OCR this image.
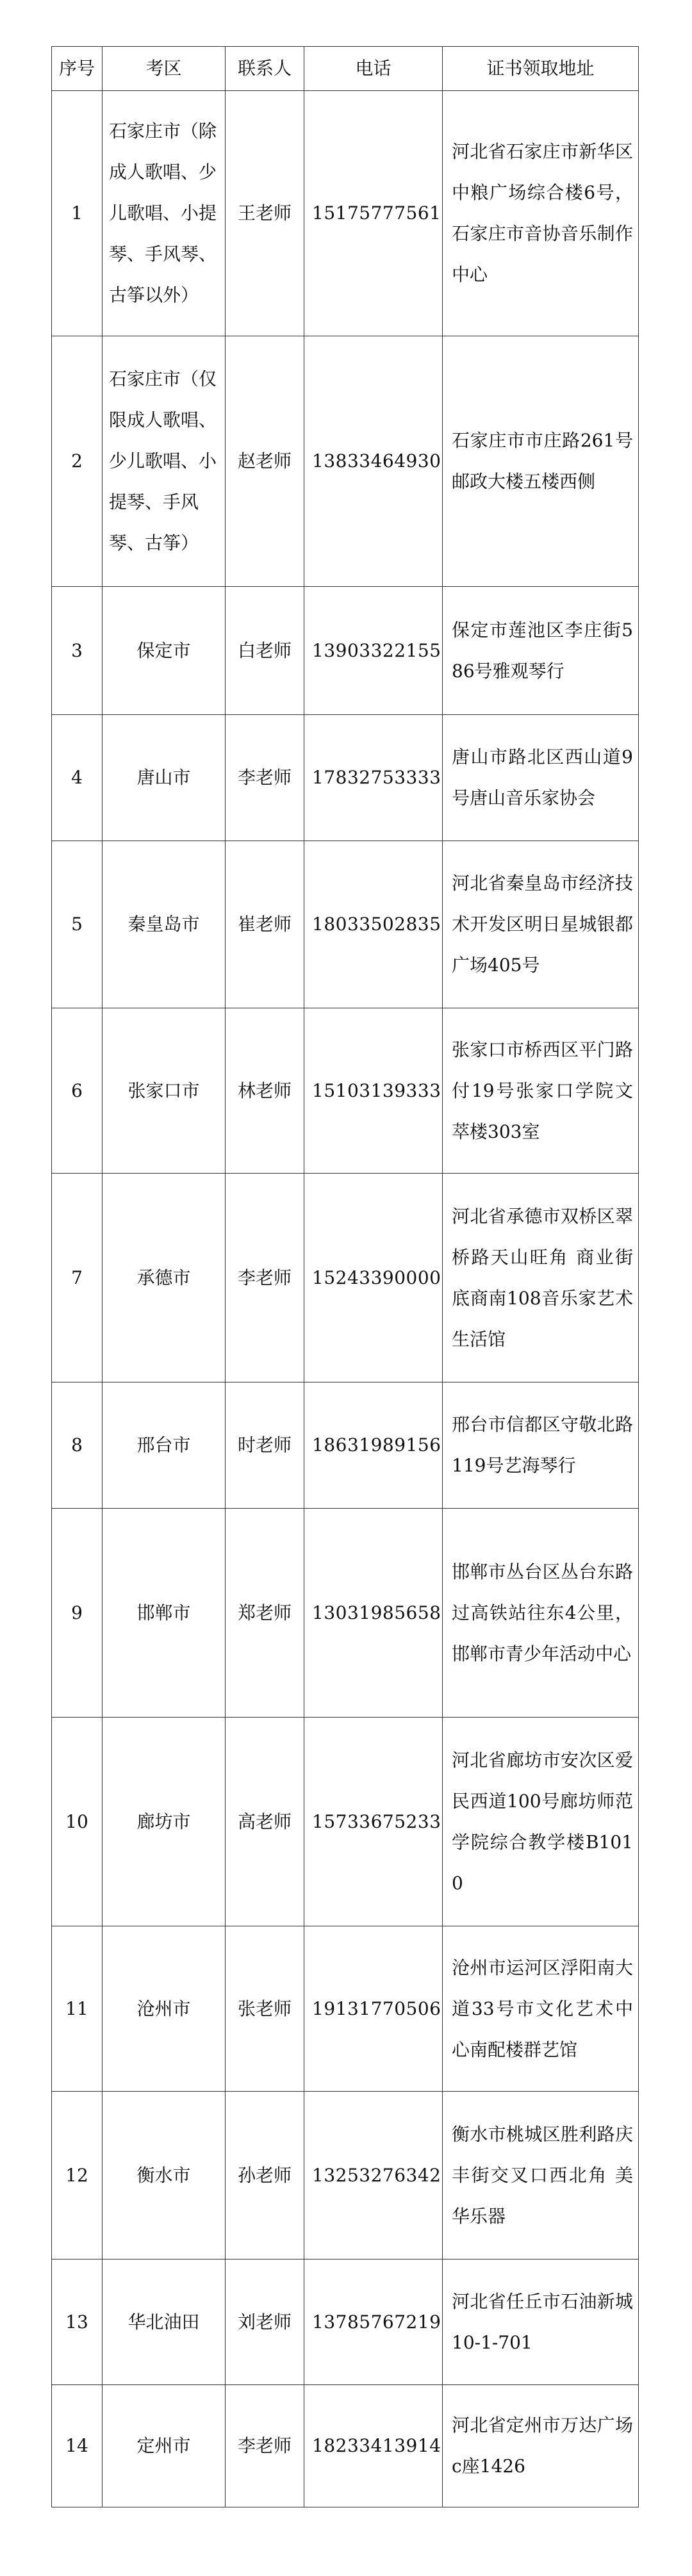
序号	考区	联系人	电话	证书领取地址
1	石家庄市（除成人歌唱、少儿歌唱、小提琴、手风琴、古筝以外）	王老师	15175777561	河北省石家庄市新华区中粮广场综合楼6号，石家庄市音协音乐制作中心
2	石家庄市（仅限成人歌唱、少儿歌唱、小提琴、手风琴、古筝）	赵老师	13833464930	石家庄市市庄路261号邮政大楼五楼西侧
3	保定市	白老师	13903322155	保定市莲池区李庄街586号雅观琴行
4	唐山市	李老师	17832753333	唐山市路北区西山道9号唐山音乐家协会
5	秦皇岛市	崔老师	18033502835	河北省秦皇岛市经济技术开发区明日星城银都广场405号
6	张家口市	林老师	15103139333	张家口市桥西区平门路付19号张家口学院文萃楼303室
7	承德市	李老师	15243390000	河北省承德市双桥区翠桥路天山旺角 商业街底商南108音乐家艺术生活馆
8	邢台市	时老师	18631989156	邢台市信都区守敬北路119号艺海琴行
9	邯郸市	郑老师	13031985658	邯郸市丛台区丛台东路过高铁站往东4公里，邯郸市青少年活动中心
10	廊坊市	高老师	15733675233	河北省廊坊市安次区爱民西道100号廊坊师范学院综合教学楼B1010
11	沧州市	张老师	19131770506	沧州市运河区浮阳南大道33号市文化艺术中心南配楼群艺馆
12	衡水市	孙老师	13253276342	衡水市桃城区胜利路庆丰街交叉口西北角 美华乐器
13	华北油田	刘老师	13785767219	河北省任丘市石油新城10-1-701
14	定州市	李老师	18233413914	河北省定州市万达广场c座1426
